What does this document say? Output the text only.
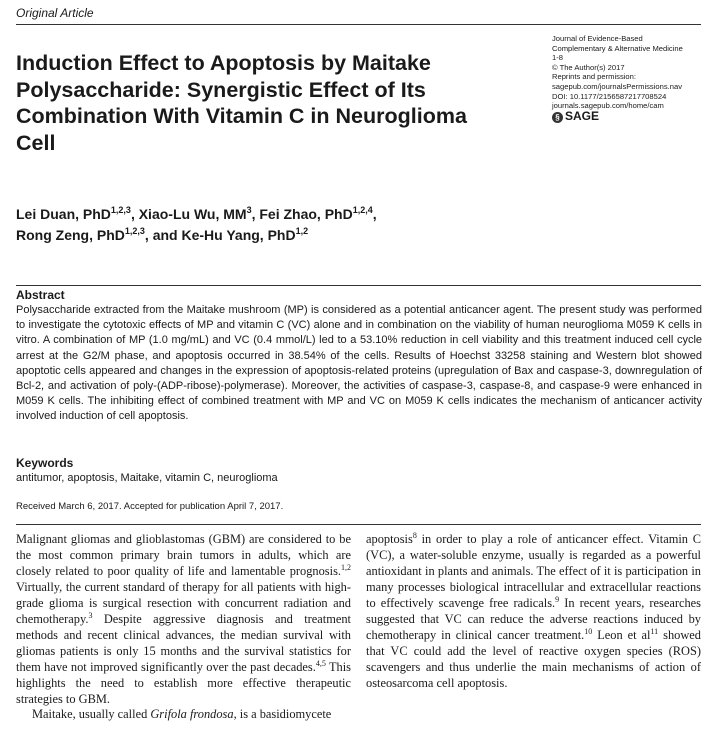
Original Article
Induction Effect to Apoptosis by Maitake Polysaccharide: Synergistic Effect of Its Combination With Vitamin C in Neuroglioma Cell
Journal of Evidence-Based
Complementary & Alternative Medicine
1-8
© The Author(s) 2017
Reprints and permission:
sagepub.com/journalsPermissions.nav
DOI: 10.1177/2156587217708524
journals.sagepub.com/home/cam
§ SAGE
Lei Duan, PhD$^{1,2,3}$, Xiao-Lu Wu, $MM^3$, Fei Zhao, PhD$^{1,2,4}$,
Rong Zeng, PhD$^{1,2,3}$, and Ke-Hu Yang, PhD$^{1,2}$
Abstract
Polysaccharide extracted from the Maitake mushroom (MP) is considered as a potential anticancer agent. The present study was performed to investigate the cytotoxic effects of MP and vitamin C (VC) alone and in combination on the viability of human neuroglioma M059 K cells in vitro. A combination of MP (1.0 mg/mL) and VC (0.4 mmol/L) led to a 53.10% reduction in cell viability and this treatment induced cell cycle arrest at the G2/M phase, and apoptosis occurred in 38.54% of the cells. Results of Hoechst 33258 staining and Western blot showed apoptotic cells appeared and changes in the expression of apoptosis-related proteins (upregulation of Bax and caspase-3, downregulation of Bcl-2, and activation of poly-(ADP-ribose)-polymerase). Moreover, the activities of caspase-3, caspase-8, and caspase-9 were enhanced in M059 K cells. The inhibiting effect of combined treatment with MP and VC on M059 K cells indicates the mechanism of anticancer activity involved induction of cell apoptosis.
Keywords
antitumor, apoptosis, Maitake, vitamin C, neuroglioma
Received March 6, 2017. Accepted for publication April 7, 2017.

Malignant gliomas and glioblastomas (GBM) are considered to be the most common primary brain tumors in adults, which are closely related to poor quality of life and lamentable prognosis.$^{1,2}$ Virtually, the current standard of therapy for all patients with high-grade glioma is surgical resection with concurrent radiation and chemotherapy.$^3$ Despite aggressive diagnosis and treatment methods and recent clinical advances, the median survival with gliomas patients is only 15 months and the survival statistics for them have not improved significantly over the past decades.$^{4,5}$ This highlights the need to establish more effective therapeutic strategies to GBM.

Maitake, usually called Grifola frondosa, is a basidiomycete

apoptosis$^8$ in order to play a role of anticancer effect. Vitamin C (VC), a water-soluble enzyme, usually is regarded as a powerful antioxidant in plants and animals. The effect of it is participation in many processes biological intracellular and extracellular reactions to effectively scavenge free radicals.$^9$ In recent years, researches suggested that VC can reduce the adverse reactions induced by chemotherapy in clinical cancer treatment.$^{10}$ Leon et $al^{11}$ showed that VC could add the level of reactive oxygen species (ROS) scavengers and thus underlie the main mechanisms of action of osteosarcoma cell apoptosis.
